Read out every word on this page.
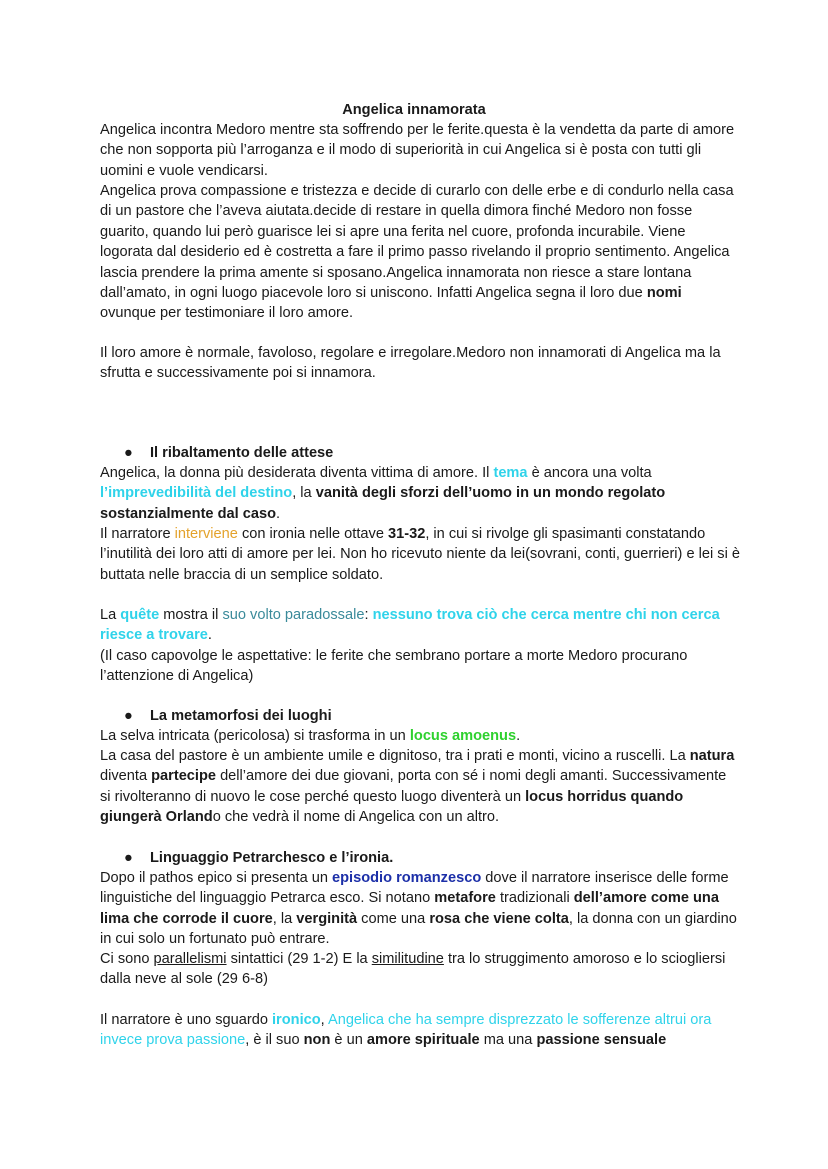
Angelica innamorata
Angelica incontra Medoro mentre sta soffrendo per le ferite.questa è la vendetta da parte di amore che non sopporta più l’arroganza e il modo di superiorità in cui Angelica si è posta con tutti gli uomini e vuole vendicarsi.
Angelica prova compassione e tristezza e decide di curarlo con delle erbe e di condurlo nella casa di un pastore che l’aveva aiutata.decide di restare in quella dimora finché Medoro non fosse guarito, quando lui però guarisce lei si apre una ferita nel cuore, profonda incurabile. Viene logorata dal desiderio ed è costretta a fare il primo passo rivelando il proprio sentimento. Angelica lascia prendere la prima amente si sposano.Angelica innamorata non riesce a stare lontana dall’amato, in ogni luogo piacevole loro si uniscono. Infatti Angelica segna il loro due nomi ovunque per testimoniare il loro amore.
Il loro amore è normale, favoloso, regolare e irregolare.Medoro non innamorati di Angelica ma la sfrutta e successivamente poi si innamora.
● Il ribaltamento delle attese
Angelica, la donna più desiderata diventa vittima di amore. Il tema è ancora una volta l’imprevedibilità del destino, la vanità degli sforzi dell’uomo in un mondo regolato sostanzialmente dal caso.
Il narratore interviene con ironia nelle ottave 31-32, in cui si rivolge gli spasimanti constatando l’inutilità dei loro atti di amore per lei. Non ho ricevuto niente da lei(sovrani, conti, guerrieri) e lei si è buttata nelle braccia di un semplice soldato.
La quête mostra il suo volto paradossale: nessuno trova ciò che cerca mentre chi non cerca riesce a trovare.
(Il caso capovolge le aspettative: le ferite che sembrano portare a morte Medoro procurano l’attenzione di Angelica)
● La metamorfosi dei luoghi
La selva intricata (pericolosa) si trasforma in un locus amoenus.
La casa del pastore è un ambiente umile e dignitoso, tra i prati e monti, vicino a ruscelli. La natura diventa partecipe dell’amore dei due giovani, porta con sé i nomi degli amanti. Successivamente si rivolteranno di nuovo le cose perché questo luogo diventerà un locus horridus quando giungerà Orlando che vedrà il nome di Angelica con un altro.
● Linguaggio Petrarchesco e l’ironia.
Dopo il pathos epico si presenta un episodio romanzesco dove il narratore inserisce delle forme linguistiche del linguaggio Petrarca esco. Si notano metafore tradizionali dell’amore come una lima che corrode il cuore, la verginità come una rosa che viene colta, la donna con un giardino in cui solo un fortunato può entrare.
Ci sono parallelismi sintattici (29 1-2) E la similitudine tra lo struggimento amoroso e lo sciogliersi dalla neve al sole (29 6-8)
Il narratore è uno sguardo ironico, Angelica che ha sempre disprezzato le sofferenze altrui ora invece prova passione, è il suo non è un amore spirituale ma una passione sensuale
